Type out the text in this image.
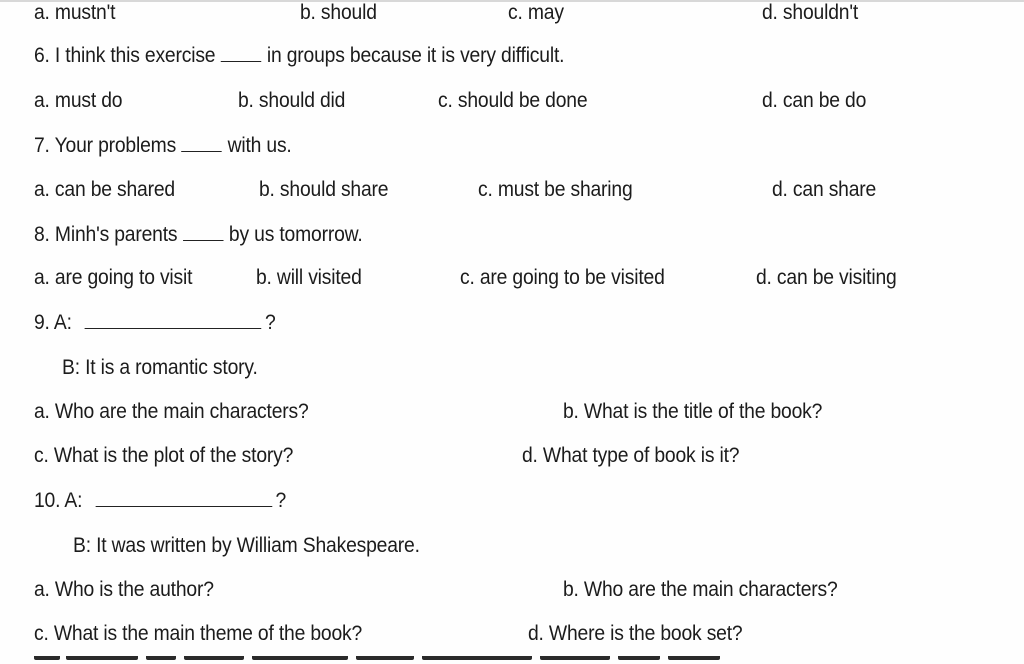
a. mustn't	b. should	c. may	d. shouldn't
6. I think this exercise in groups because it is very difficult.
a. must do	b. should did	c. should be done	d. can be do
7. Your problems with us.
a. can be shared	b. should share	c. must be sharing	d. can share
8. Minh's parents by us tomorrow.
a. are going to visit	b. will visited	c. are going to be visited	d. can be visiting
9. A:	?
B: It is a romantic story.
a. Who are the main characters?	b. What is the title of the book?
c. What is the plot of the story?	d. What type of book is it?
10. A:	?
B: It was written by William Shakespeare.
a. Who is the author?	b. Who are the main characters?
c. What is the main theme of the book?	d. Where is the book set?
